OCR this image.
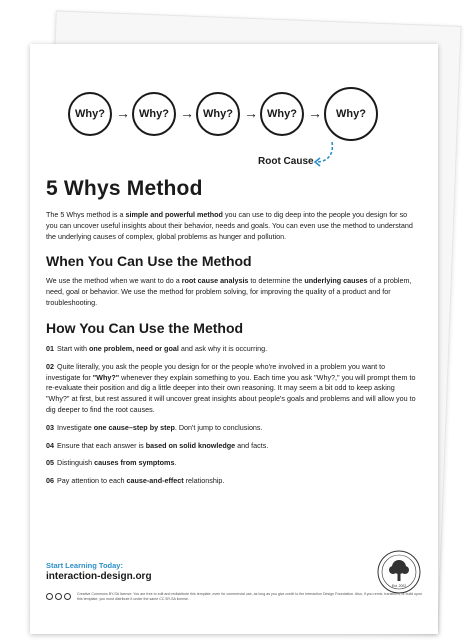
Why? → Why? → Why? → Why? →	Why?
Root Cause
5 Whys Method

The 5 Whys method is a simple and powerful method you can use to dig deep into the people you design for so you can uncover useful insights about their behavior, needs and goals. You can even use the method to understand the underlying causes of complex, global problems as hunger and pollution.

When You Can Use the Method

We use the method when we want to do a root cause analysis to determine the underlying causes of a problem, need, goal or behavior. We use the method for problem solving, for improving the quality of a product and for troubleshooting.

How You Can Use the Method

01 Start with one problem, need or goal and ask why it is occurring.

02 Quite literally, you ask the people you design for or the people who're involved in a problem you want to investigate for "Why?" whenever they explain something to you. Each time you ask "Why?," you will prompt them to re-evaluate their position and dig a little deeper into their own reasoning. It may seem a bit odd to keep asking "Why?" at first, but rest assured it will uncover great insights about people's goals and problems and will allow you to dig deeper to find the root causes.

03 Investigate one cause–step by step. Don't jump to conclusions.

04 Ensure that each answer is based on solid knowledge and facts.

05 Distinguish causes from symptoms.

06 Pay attention to each cause-and-effect relationship.

Start Learning Today:
interaction-design.org
Creative Commons BY-SA license: You are free to edit and redistribute this template, even for commercial use, as long as you give credit to the Interaction Design Foundation. Also, if you remix, transform, or build upon this template, you must distribute it under the same CC BY-SA license.
Est. 2002
